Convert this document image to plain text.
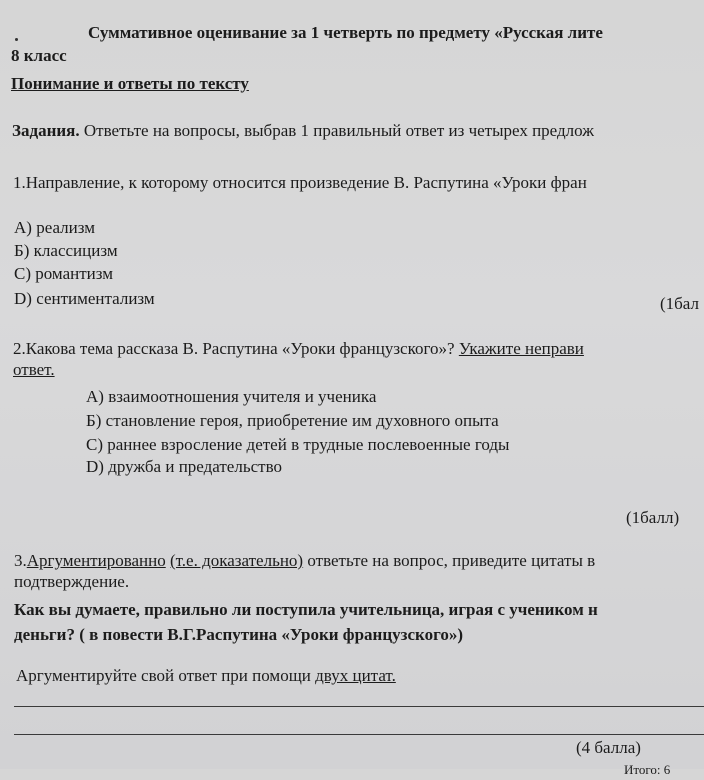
Суммативное оценивание за 1 четверть по предмету «Русская лите
8 класс
Понимание и ответы по тексту
Задания. Ответьте на вопросы, выбрав 1 правильный ответ из четырех предлож
1.Направление, к которому относится произведение В. Распутина «Уроки фран
А) реализм
Б) классицизм
С) романтизм
D) сентиментализм	(1бал
2.Какова тема рассказа В. Распутина «Уроки французского»? Укажите неправи
ответ.
А) взаимоотношения учителя и ученика
Б) становление героя, приобретение им духовного опыта
С) раннее взросление детей в трудные послевоенные годы
D) дружба и предательство
(1балл)
3.Аргументированно (т.е. доказательно) ответьте на вопрос, приведите цитаты в
подтверждение.
Как вы думаете, правильно ли поступила учительница, играя с учеником н
деньги? ( в повести В.Г.Распутина «Уроки французского»)
Аргументируйте свой ответ при помощи двух цитат.
(4 балла)
Итого: 6
